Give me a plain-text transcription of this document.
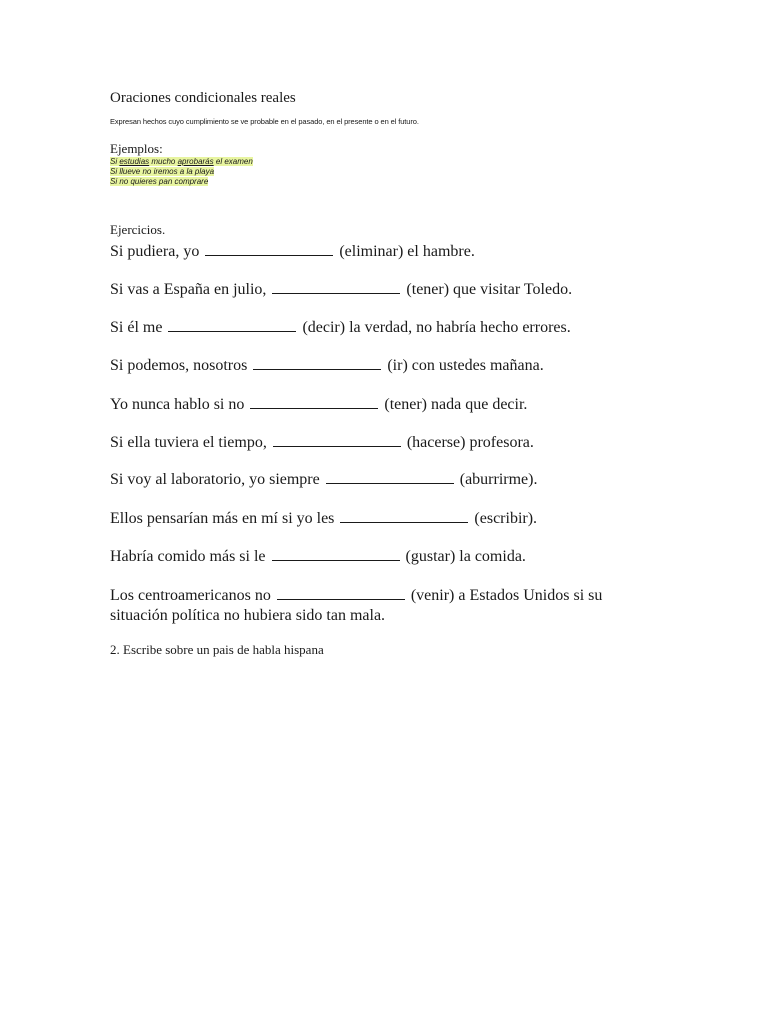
Oraciones condicionales reales
Expresan hechos cuyo cumplimiento se ve probable en el pasado, en el presente o en el futuro.
Ejemplos:
Si estudias mucho aprobarás el examen
Si llueve no iremos a la playa
Si no quieres pan comprare
Ejercicios.
Si pudiera, yo	(eliminar) el hambre.
Si vas a España en julio,	(tener) que visitar Toledo.
Si él me	(decir) la verdad, no habría hecho errores.
Si podemos, nosotros	(ir) con ustedes mañana.
Yo nunca hablo si no	(tener) nada que decir.
Si ella tuviera el tiempo,	(hacerse) profesora.
Si voy al laboratorio, yo siempre	(aburrirme).
Ellos pensarían más en mí si yo les	(escribir).
Habría comido más si le	(gustar) la comida.
Los centroamericanos no	(venir) a Estados Unidos si su situación política no hubiera sido tan mala.
2. Escribe sobre un pais de habla hispana
